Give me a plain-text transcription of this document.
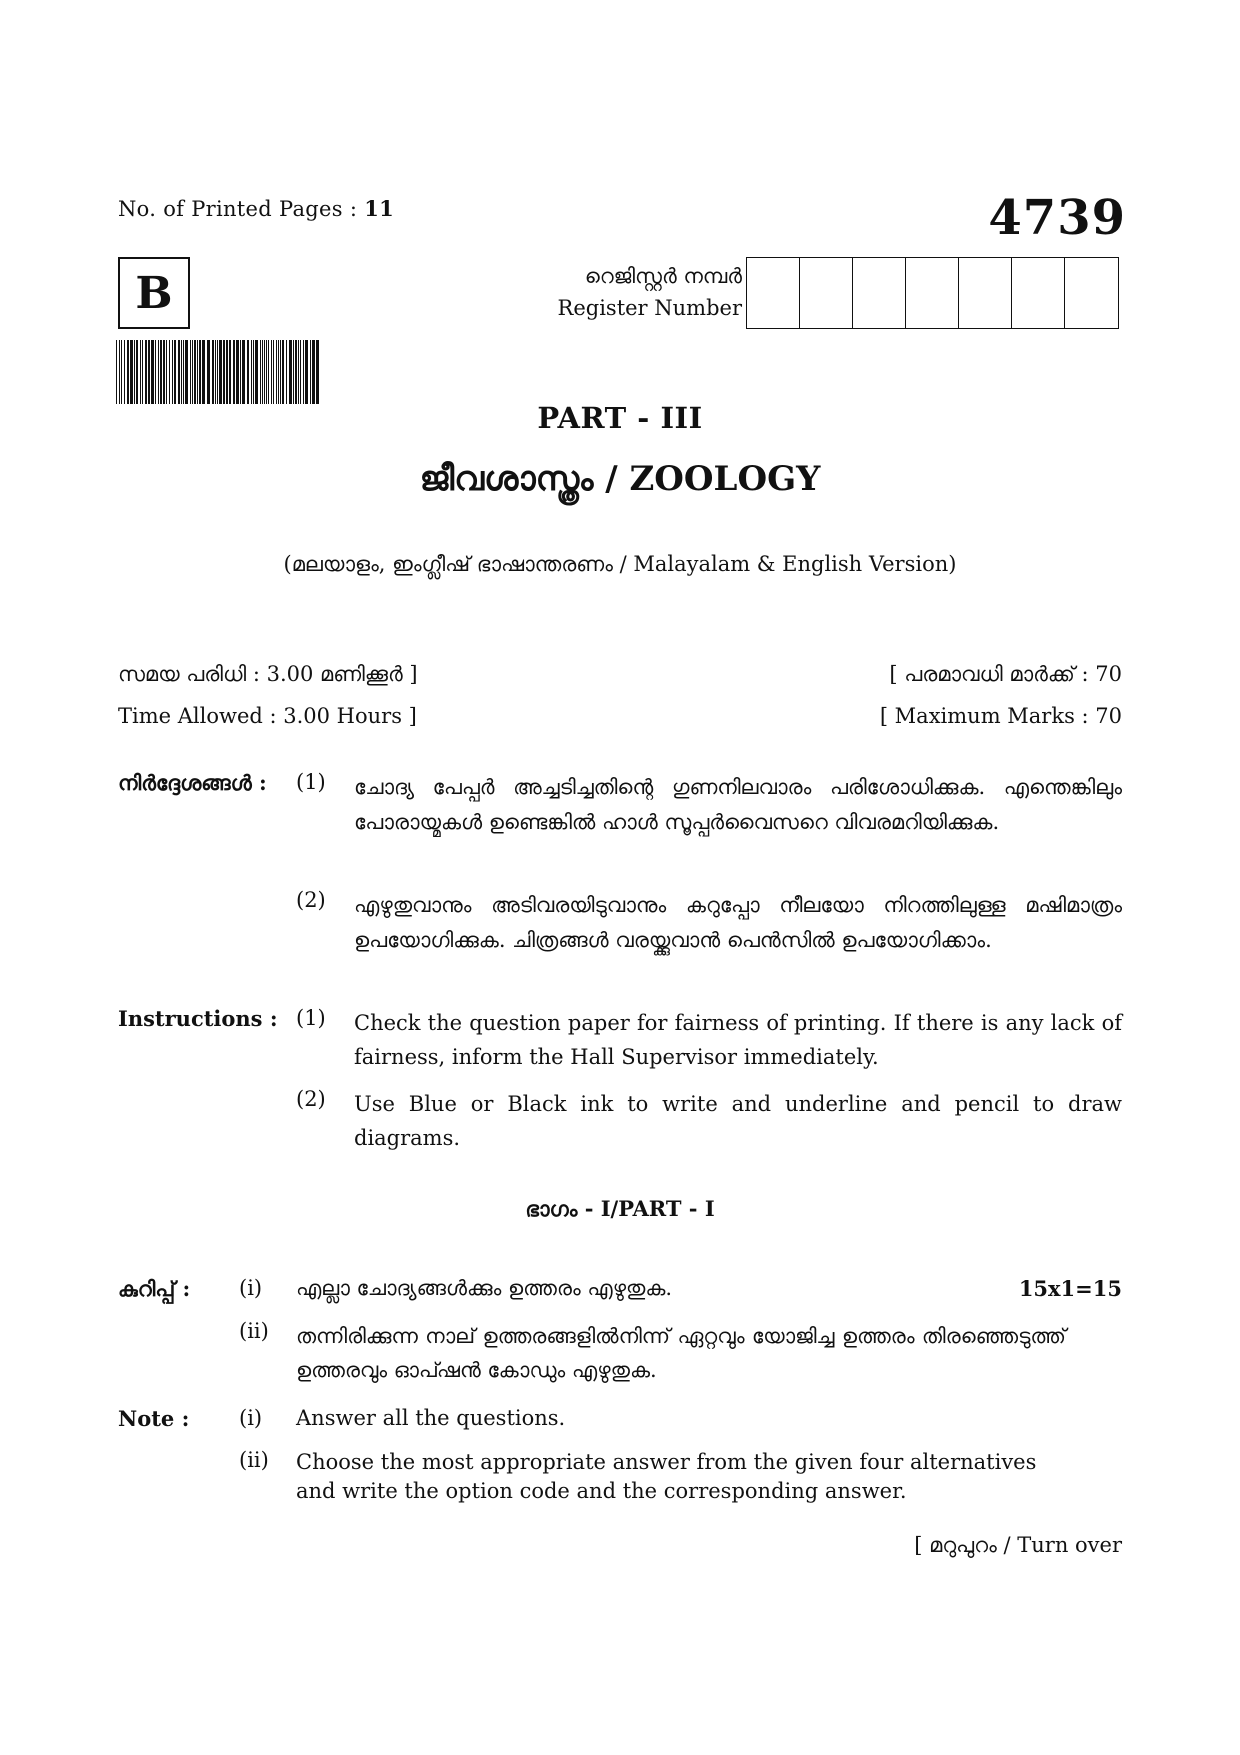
No. of Printed Pages : 11	4739
B	റെജിസ്റ്റർ നമ്പർ
Register Number
PART - III
ജീവശാസ്ത്രം / ZOOLOGY
(മലയാളം, ഇംഗ്ലീഷ് ഭാഷാന്തരണം / Malayalam & English Version)
സമയ പരിധി : 3.00 മണിക്കൂർ ]	[ പരമാവധി മാർക്ക് : 70
Time Allowed : 3.00 Hours ]	[ Maximum Marks : 70
നിർദ്ദേശങ്ങൾ : (1) ചോദ്യ പേപ്പർ അച്ചടിച്ചതിന്റെ ഗുണനിലവാരം പരിശോധിക്കുക. എന്തെങ്കിലും പോരായ്മകൾ ഉണ്ടെങ്കിൽ ഹാൾ സൂപ്പർവൈസറെ വിവരമറിയിക്കുക.
(2) എഴുതുവാനും അടിവരയിടുവാനും കറുപ്പോ നീലയോ നിറത്തിലുള്ള മഷിമാത്രം ഉപയോഗിക്കുക. ചിത്രങ്ങൾ വരയ്ക്കുവാൻ പെൻസിൽ ഉപയോഗിക്കാം.
Instructions : (1) Check the question paper for fairness of printing. If there is any lack of fairness, inform the Hall Supervisor immediately.
(2) Use Blue or Black ink to write and underline and pencil to draw diagrams.
ഭാഗം - I/PART - I
കുറിപ്പ് : (i) എല്ലാ ചോദ്യങ്ങൾക്കും ഉത്തരം എഴുതുക.	15x1=15
(ii) തന്നിരിക്കുന്ന നാല് ഉത്തരങ്ങളിൽനിന്ന് ഏറ്റവും യോജിച്ച ഉത്തരം തിരഞ്ഞെടുത്ത് ഉത്തരവും ഓപ്ഷൻ കോഡും എഴുതുക.
Note : (i) Answer all the questions.
(ii) Choose the most appropriate answer from the given four alternatives and write the option code and the corresponding answer.
[ മറുപുറം / Turn over
